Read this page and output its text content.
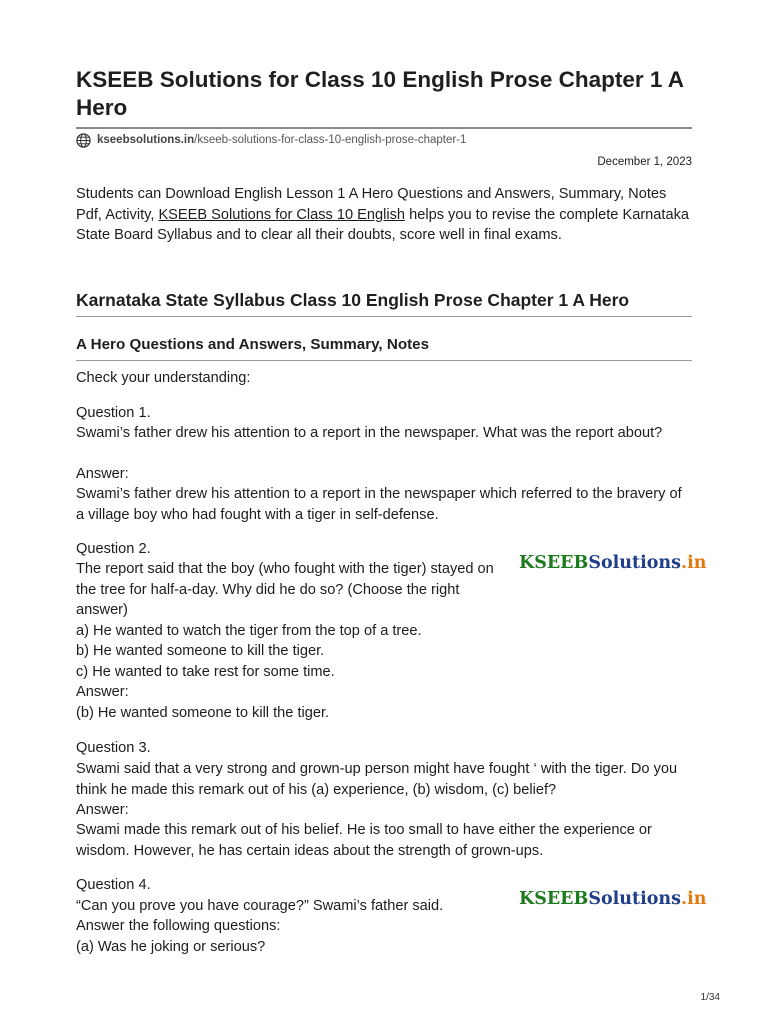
KSEEB Solutions for Class 10 English Prose Chapter 1 A Hero
kseebsolutions.in /kseeb-solutions-for-class-10-english-prose-chapter-1
December 1, 2023

Students can Download English Lesson 1 A Hero Questions and Answers, Summary, Notes Pdf, Activity, KSEEB Solutions for Class 10 English helps you to revise the complete Karnataka State Board Syllabus and to clear all their doubts, score well in final exams.

Karnataka State Syllabus Class 10 English Prose Chapter 1 A Hero
A Hero Questions and Answers, Summary, Notes

Check your understanding:

Question 1.

Swami’s father drew his attention to a report in the newspaper. What was the report about?

Answer:

Swami’s father drew his attention to a report in the newspaper which referred to the bravery of a village boy who had fought with a tiger in self-defense.

Question 2.

The report said that the boy (who fought with the tiger) stayed on the tree for half-a-day. Why did he do so? (Choose the right answer)

a) He wanted to watch the tiger from the top of a tree.

b) He wanted someone to kill the tiger.

c) He wanted to take rest for some time.

Answer:

(b) He wanted someone to kill the tiger.

KSEEBSolutions.in

Question 3.

Swami said that a very strong and grown-up person might have fought ‘ with the tiger. Do you think he made this remark out of his (a) experience, (b) wisdom, (c) belief?

Answer:

Swami made this remark out of his belief. He is too small to have either the experience or wisdom. However, he has certain ideas about the strength of grown-ups.

Question 4.

“Can you prove you have courage?” Swami’s father said.

Answer the following questions:

(a) Was he joking or serious?

KSEEBSolutions.in
1/34
